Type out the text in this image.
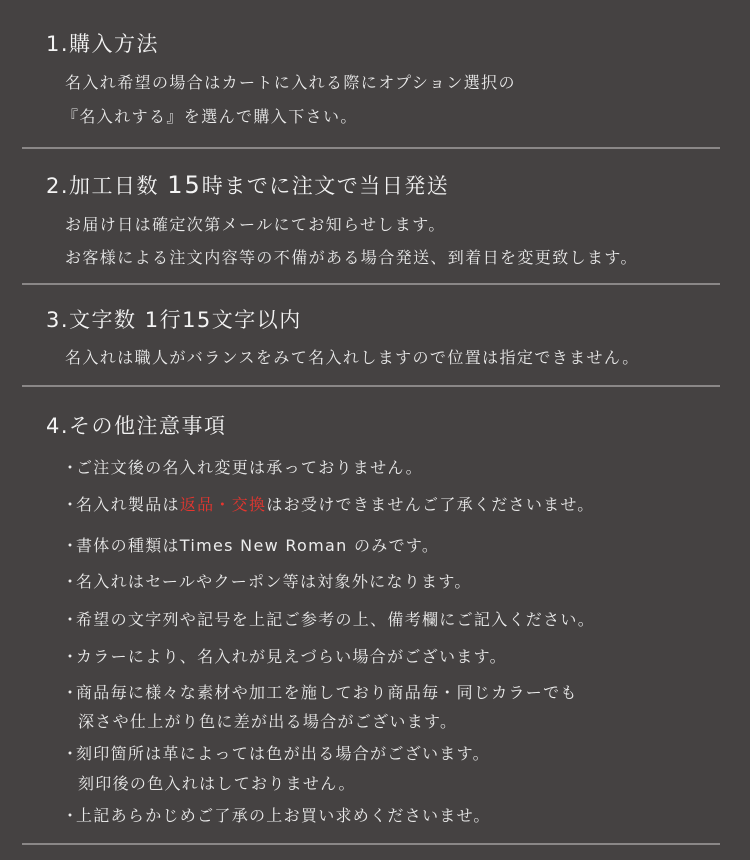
1.購入方法
名入れ希望の場合はカートに入れる際にオプション選択の
『名入れする』を選んで購入下さい。
2.加工日数 15時までに注文で当日発送
お届け日は確定次第メールにてお知らせします。
お客様による注文内容等の不備がある場合発送、到着日を変更致します。
3.文字数 1行15文字以内
名入れは職人がバランスをみて名入れしますので位置は指定できません。
4.その他注意事項
・ご注文後の名入れ変更は承っておりません。
・名入れ製品は返品・交換はお受けできませんご了承くださいませ。
・書体の種類はTimes New Roman のみです。
・名入れはセールやクーポン等は対象外になります。
・希望の文字列や記号を上記ご参考の上、備考欄にご記入ください。
・カラーにより、名入れが見えづらい場合がございます。
・商品毎に様々な素材や加工を施しており商品毎・同じカラーでも
深さや仕上がり色に差が出る場合がございます。
・刻印箇所は革によっては色が出る場合がございます。
刻印後の色入れはしておりません。
・上記あらかじめご了承の上お買い求めくださいませ。
